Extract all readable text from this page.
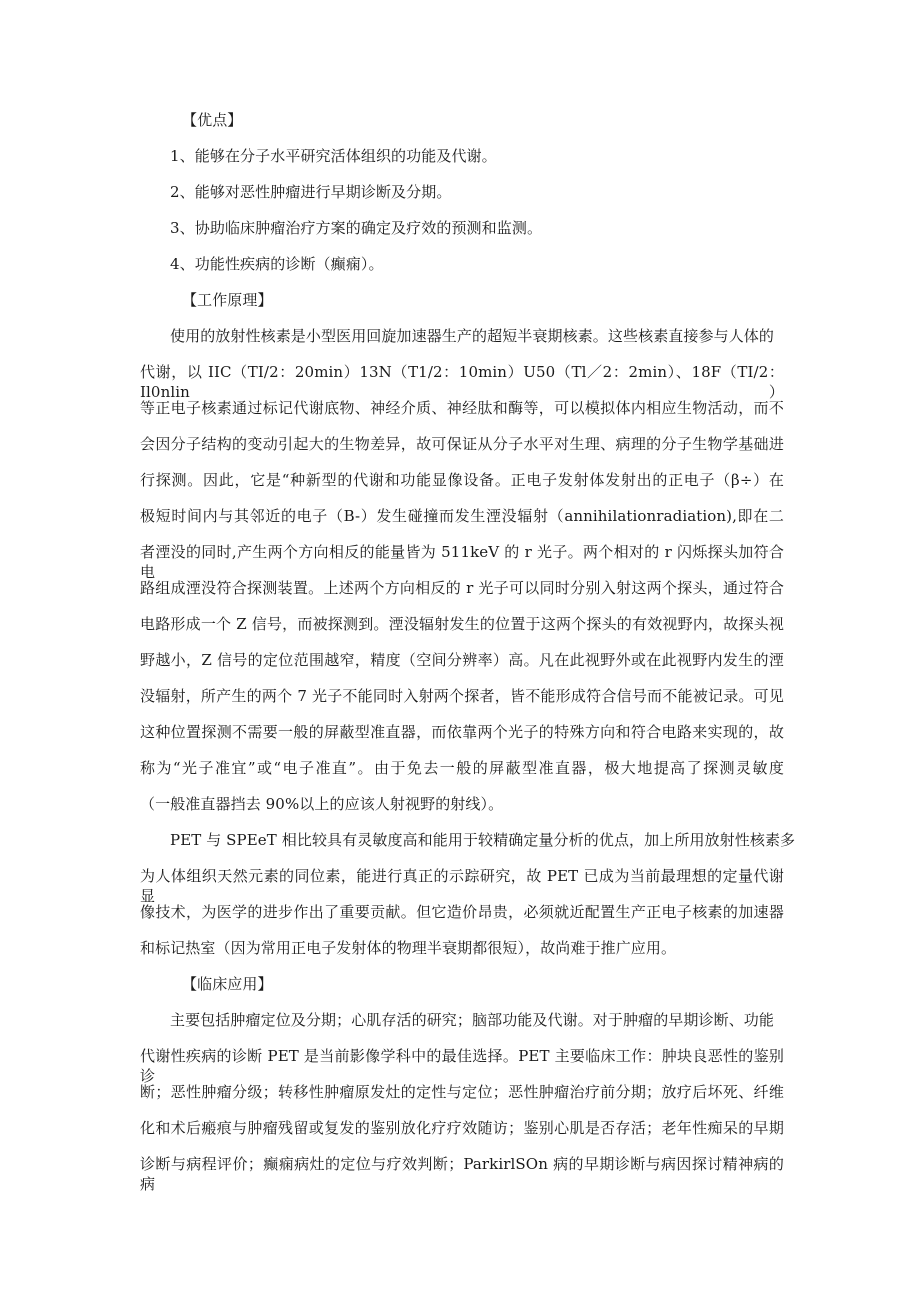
【优点】
1、能够在分子水平研究活体组织的功能及代谢。
2、能够对恶性肿瘤进行早期诊断及分期。
3、协助临床肿瘤治疗方案的确定及疗效的预测和监测。
4、功能性疾病的诊断（癫痫）。
【工作原理】
使用的放射性核素是小型医用回旋加速器生产的超短半衰期核素。这些核素直接参与人体的
代谢，以 IIC（TI/2：20min）13N（T1/2：10min）U50（Tl／2：2min）、18F（TI/2：Il0nlin）
等正电子核素通过标记代谢底物、神经介质、神经肽和酶等，可以模拟体内相应生物活动，而不
会因分子结构的变动引起大的生物差异，故可保证从分子水平对生理、病理的分子生物学基础进
行探测。因此，它是“种新型的代谢和功能显像设备。正电子发射体发射出的正电子（β÷）在
极短时间内与其邻近的电子（B-）发生碰撞而发生湮没辐射（annihilationradiation),即在二
者湮没的同时,产生两个方向相反的能量皆为 511keV 的 r 光子。两个相对的 r 闪烁探头加符合电
路组成湮没符合探测装置。上述两个方向相反的 r 光子可以同时分别入射这两个探头，通过符合
电路形成一个 Z 信号，而被探测到。湮没辐射发生的位置于这两个探头的有效视野内，故探头视
野越小，Z 信号的定位范围越窄，精度（空间分辨率）高。凡在此视野外或在此视野内发生的湮
没辐射，所产生的两个 7 光子不能同时入射两个探者，皆不能形成符合信号而不能被记录。可见
这种位置探测不需要一般的屏蔽型准直器，而依靠两个光子的特殊方向和符合电路来实现的，故
称为“光子准宜”或“电子准直”。由于免去一般的屏蔽型准直器，极大地提高了探测灵敏度
（一般准直器挡去 90%以上的应该人射视野的射线）。
PET 与 SPEeT 相比较具有灵敏度高和能用于较精确定量分析的优点，加上所用放射性核素多
为人体组织天然元素的同位素，能进行真正的示踪研究，故 PET 已成为当前最理想的定量代谢显
像技术，为医学的进步作出了重要贡献。但它造价昂贵，必须就近配置生产正电子核素的加速器
和标记热室（因为常用正电子发射体的物理半衰期都很短），故尚难于推广应用。
【临床应用】
主要包括肿瘤定位及分期；心肌存活的研究；脑部功能及代谢。对于肿瘤的早期诊断、功能
代谢性疾病的诊断 PET 是当前影像学科中的最佳选择。PET 主要临床工作：肿块良恶性的鉴别诊
断；恶性肿瘤分级；转移性肿瘤原发灶的定性与定位；恶性肿瘤治疗前分期；放疗后坏死、纤维
化和术后瘢痕与肿瘤残留或复发的鉴别放化疗疗效随访；鉴别心肌是否存活；老年性痴呆的早期
诊断与病程评价；癫痫病灶的定位与疗效判断；ParkirlSOn 病的早期诊断与病因探讨精神病的病
